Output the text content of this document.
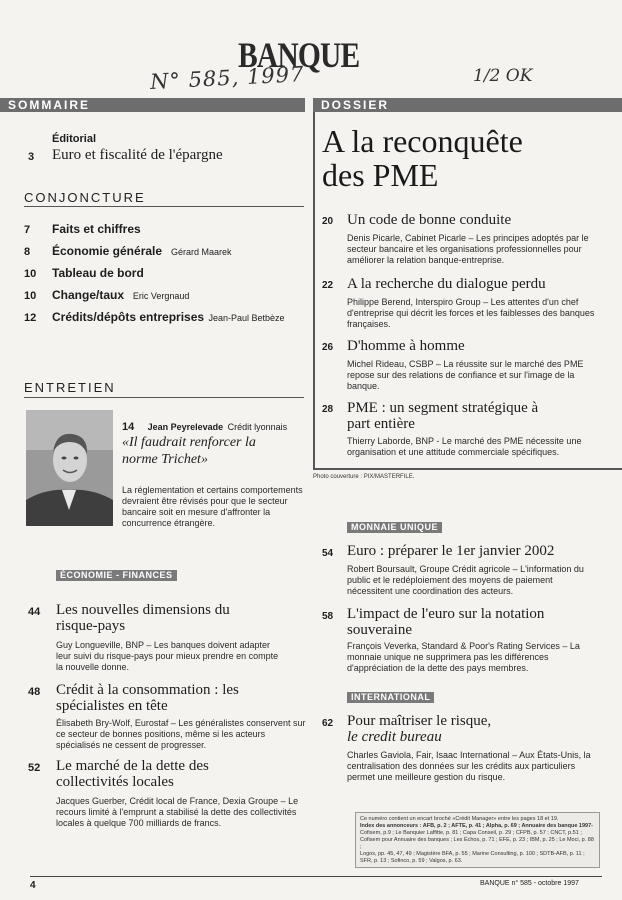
BANQUE
N° 585, 1997	1/2 OK
SOMMAIRE	DOSSIER
Éditorial
3 Euro et fiscalité de l'épargne
CONJONCTURE
7 Faits et chiffres
8 Économie générale Gérard Maarek
10 Tableau de bord
10 Change/taux Eric Vergnaud
12 Crédits/dépôts entreprises Jean-Paul Betbèze
ENTRETIEN
14 Jean Peyrelevade Crédit lyonnais
«Il faudrait renforcer la norme Trichet»
La réglementation et certains comportements devraient être révisés pour que le secteur bancaire soit en mesure d'affronter la concurrence étrangère.
ÉCONOMIE - FINANCES
44 Les nouvelles dimensions du risque-pays
Guy Longueville, BNP – Les banques doivent adapter leur suivi du risque-pays pour mieux prendre en compte la nouvelle donne.
48 Crédit à la consommation : les spécialistes en tête
Élisabeth Bry-Wolf, Eurostaf – Les généralistes conservent sur ce secteur de bonnes positions, même si les acteurs spécialisés ne cessent de progresser.
52 Le marché de la dette des collectivités locales
Jacques Guerber, Crédit local de France, Dexia Groupe – Le recours limité à l'emprunt a stabilisé la dette des collectivités locales à quelque 700 milliards de francs.
A la reconquête
des PME
20 Un code de bonne conduite
Denis Picarle, Cabinet Picarle – Les principes adoptés par le secteur bancaire et les organisations professionnelles pour améliorer la relation banque-entreprise.
22 A la recherche du dialogue perdu
Philippe Berend, Interspiro Group – Les attentes d'un chef d'entreprise qui décrit les forces et les faiblesses des banques françaises.
26 D'homme à homme
Michel Rideau, CSBP – La réussite sur le marché des PME repose sur des relations de confiance et sur l'image de la banque.
28 PME : un segment stratégique à part entière
Thierry Laborde, BNP - Le marché des PME nécessite une organisation et une attitude commerciale spécifiques.
Photo couverture : PIX/MASTERFILE.
MONNAIE UNIQUE
54 Euro : préparer le 1er janvier 2002
Robert Boursault, Groupe Crédit agricole – L'information du public et le redéploiement des moyens de paiement nécessitent une coordination des acteurs.
58 L'impact de l'euro sur la notation souveraine
François Veverka, Standard & Poor's Rating Services – La monnaie unique ne supprimera pas les différences d'appréciation de la dette des pays membres.
INTERNATIONAL
62 Pour maîtriser le risque,
le credit bureau
Charles Gaviola, Fair, Isaac International – Aux États-Unis, la centralisation des données sur les crédits aux particuliers permet une meilleure gestion du risque.
Ce numéro contient un encart broché «Crédit Manager» entre les pages 18 et 19.
Index des annonceurs : AFB, p. 2 ; AFTE, p. 41 ; Alpha, p. 69 ; Annuaire des banque 1997-
Cofisem, p.9 ; Le Banquier Laffitte, p. 81 ; Capa Conseil, p. 29 ; CFPB, p. 57 ; CNCT, p.51 ;
Cofisem pour Annuaire des banques ; Les Échos, p. 71 ; EFE, p. 23 ; IBM, p. 25 ; Le Moci, p. 88 ;
Logos, pp. 45, 47, 49 ; Magistère BFA, p. 55 ; Marine Consulting, p. 100 ; SDTB-AFB, p. 11 ;
SFR, p. 13 ; Sofinco, p. 59 ; Valgos, p. 63.
4	BANQUE n° 585 - octobre 1997
